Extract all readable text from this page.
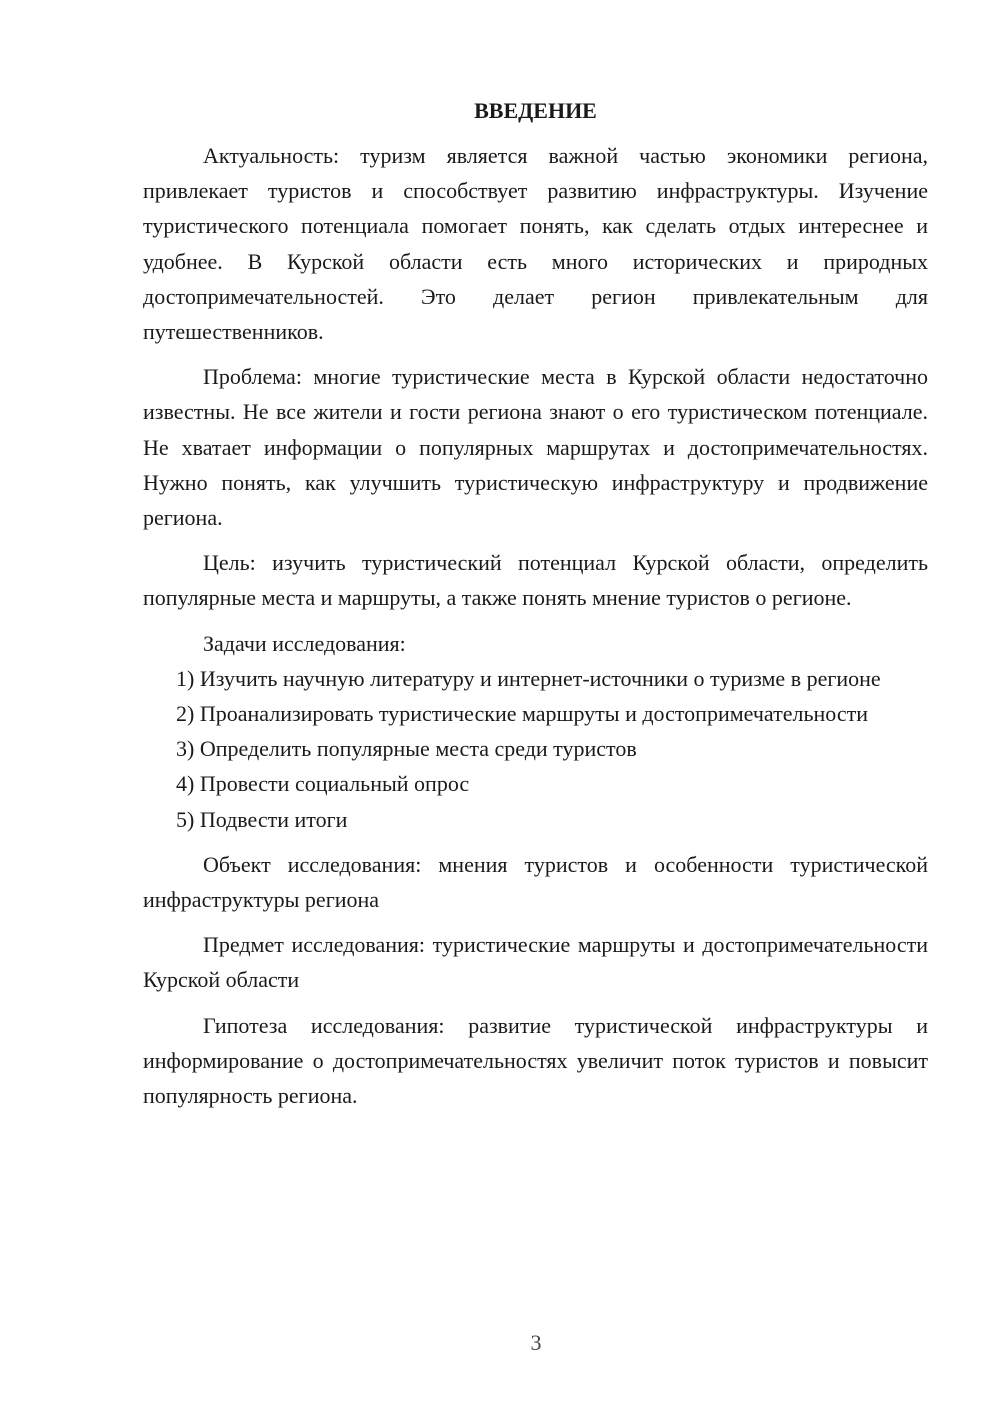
ВВЕДЕНИЕ

Актуальность: туризм является важной частью экономики региона, привлекает туристов и способствует развитию инфраструктуры. Изучение туристического потенциала помогает понять, как сделать отдых интереснее и удобнее. В Курской области есть много исторических и природных достопримечательностей. Это делает регион привлекательным для путешественников.

Проблема: многие туристические места в Курской области недостаточно известны. Не все жители и гости региона знают о его туристическом потенциале. Не хватает информации о популярных маршрутах и достопримечательностях. Нужно понять, как улучшить туристическую инфраструктуру и продвижение региона.

Цель: изучить туристический потенциал Курской области, определить популярные места и маршруты, а также понять мнение туристов о регионе.

Задачи исследования:

1) Изучить научную литературу и интернет-источники о туризме в регионе

2) Проанализировать туристические маршруты и достопримечательности

3) Определить популярные места среди туристов

4) Провести социальный опрос

5) Подвести итоги

Объект исследования: мнения туристов и особенности туристической инфраструктуры региона

Предмет исследования: туристические маршруты и достопримечательности Курской области

Гипотеза исследования: развитие туристической инфраструктуры и информирование о достопримечательностях увеличит поток туристов и повысит популярность региона.

3
